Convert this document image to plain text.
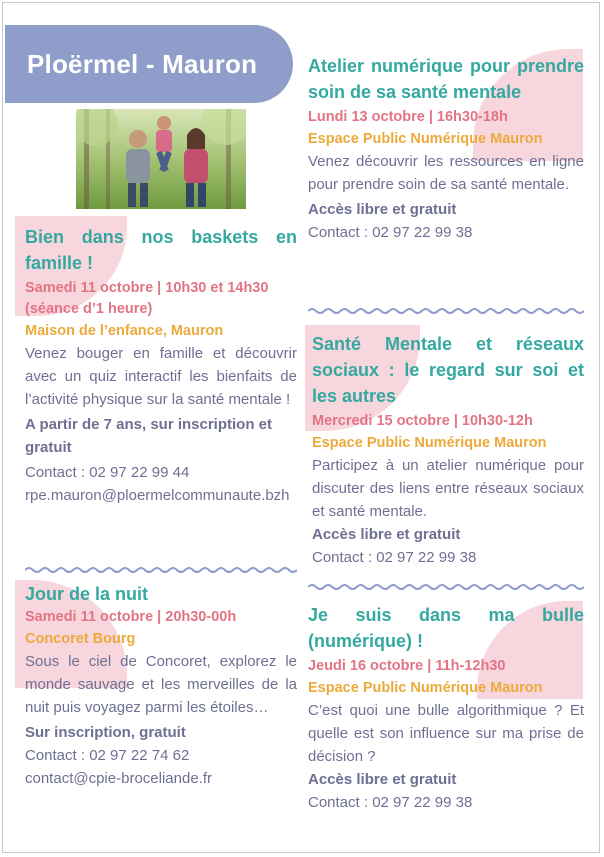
Ploërmel - Mauron

Bien dans nos baskets en famille !

Samedi 11 octobre | 10h30 et 14h30 (séance d’1 heure)
Maison de l’enfance, Mauron
Venez bouger en famille et découvrir avec un quiz interactif les bienfaits de l’activité physique sur la santé mentale !
A partir de 7 ans, sur inscription et gratuit
Contact : 02 97 22 99 44
rpe.mauron@ploermelcommunaute.bzh

Jour de la nuit

Samedi 11 octobre | 20h30-00h
Concoret Bourg
Sous le ciel de Concoret, explorez le monde sauvage et les merveilles de la nuit puis voyagez parmi les étoiles…
Sur inscription, gratuit
Contact : 02 97 22 74 62
contact@cpie-broceliande.fr

Atelier numérique pour prendre soin de sa santé mentale

Lundi 13 octobre | 16h30-18h
Espace Public Numérique Mauron
Venez découvrir les ressources en ligne pour prendre soin de sa santé mentale.
Accès libre et gratuit
Contact : 02 97 22 99 38

Santé Mentale et réseaux sociaux : le regard sur soi et les autres

Mercredi 15 octobre | 10h30-12h
Espace Public Numérique Mauron
Participez à un atelier numérique pour discuter des liens entre réseaux sociaux et santé mentale.
Accès libre et gratuit
Contact : 02 97 22 99 38

Je suis dans ma bulle (numérique) !

Jeudi 16 octobre | 11h-12h30
Espace Public Numérique Mauron
C’est quoi une bulle algorithmique ? Et quelle est son influence sur ma prise de décision ?
Accès libre et gratuit
Contact : 02 97 22 99 38
